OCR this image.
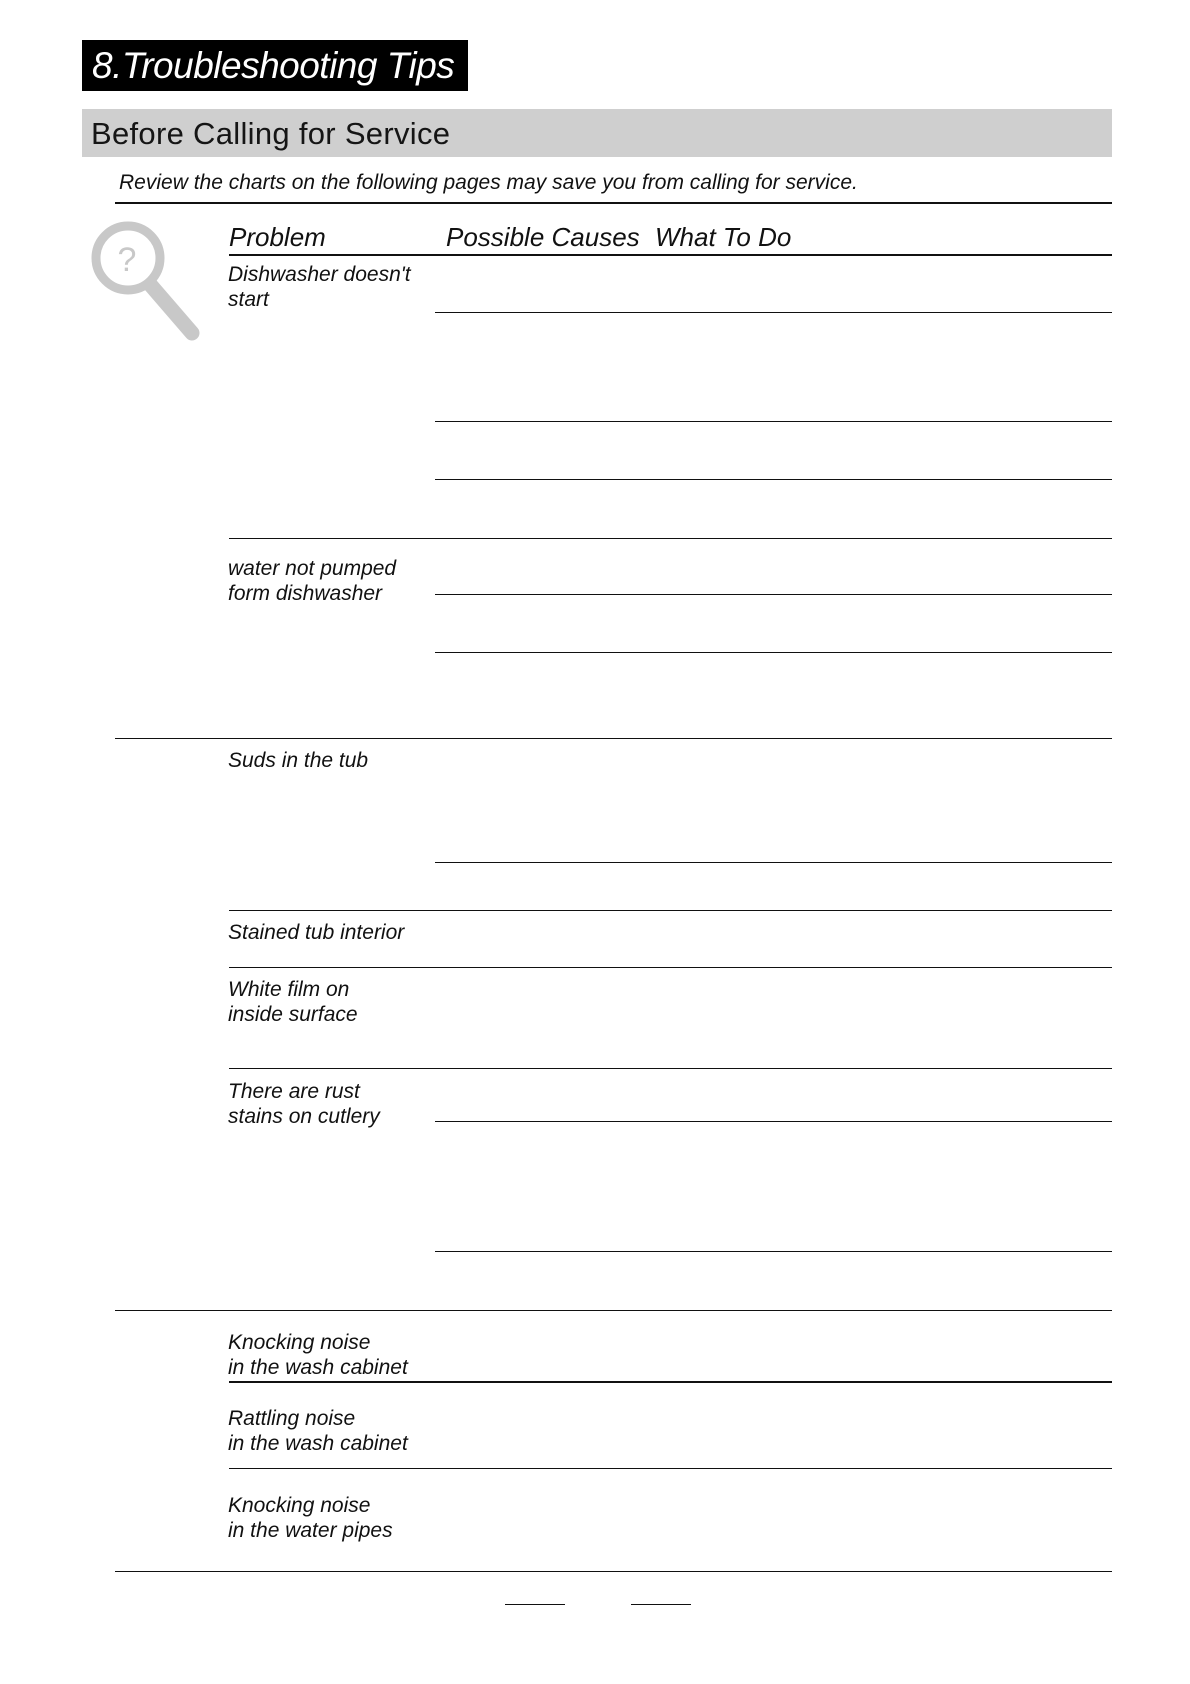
8.Troubleshooting Tips
Before Calling for Service
Review the charts on the following pages may save you from calling for service.
?
Problem	Possible Causes What To Do
Dishwasher doesn't
start
water not pumped
form dishwasher
Suds in the tub
Stained tub interior
White film on
inside surface
There are rust
stains on cutlery
Knocking noise
in the wash cabinet
Rattling noise
in the wash cabinet
Knocking noise
in the water pipes
